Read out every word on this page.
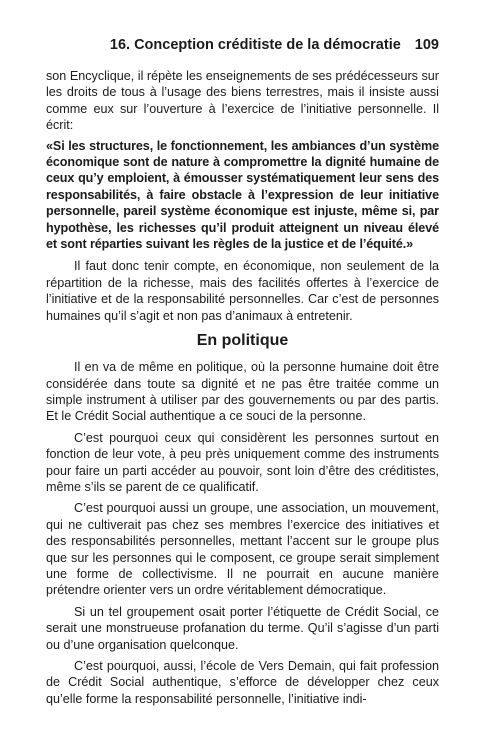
16. Conception créditiste de la démocratie 109

son Encyclique, il répète les enseignements de ses prédécesseurs sur les droits de tous à l’usage des biens terrestres, mais il insiste aussi comme eux sur l’ouverture à l’exercice de l’initiative personnelle. Il écrit:

«Si les structures, le fonctionnement, les ambiances d’un système économique sont de nature à compromettre la dignité humaine de ceux qu’y emploient, à émousser systématiquement leur sens des responsabilités, à faire obstacle à l’expression de leur initiative personnelle, pareil système économique est injuste, même si, par hypothèse, les richesses qu’il produit atteignent un niveau élevé et sont réparties suivant les règles de la justice et de l’équité.»

Il faut donc tenir compte, en économique, non seulement de la répartition de la richesse, mais des facilités offertes à l’exercice de l’initiative et de la responsabilité personnelles. Car c’est de personnes humaines qu’il s’agit et non pas d’animaux à entretenir.

En politique

Il en va de même en politique, où la personne humaine doit être considérée dans toute sa dignité et ne pas être traitée comme un simple instrument à utiliser par des gouvernements ou par des partis. Et le Crédit Social authentique a ce souci de la personne.

C’est pourquoi ceux qui considèrent les personnes surtout en fonction de leur vote, à peu près uniquement comme des instruments pour faire un parti accéder au pouvoir, sont loin d’être des créditistes, même s’ils se parent de ce qualificatif.

C’est pourquoi aussi un groupe, une association, un mouvement, qui ne cultiverait pas chez ses membres l’exercice des initiatives et des responsabilités personnelles, mettant l’accent sur le groupe plus que sur les personnes qui le composent, ce groupe serait simplement une forme de collectivisme. Il ne pourrait en aucune manière prétendre orienter vers un ordre véritablement démocratique.

Si un tel groupement osait porter l’étiquette de Crédit Social, ce serait une monstrueuse profanation du terme. Qu’il s’agisse d’un parti ou d’une organisation quelconque.

C’est pourquoi, aussi, l’école de Vers Demain, qui fait profession de Crédit Social authentique, s’efforce de développer chez ceux qu’elle forme la responsabilité personnelle, l’initiative indi-
